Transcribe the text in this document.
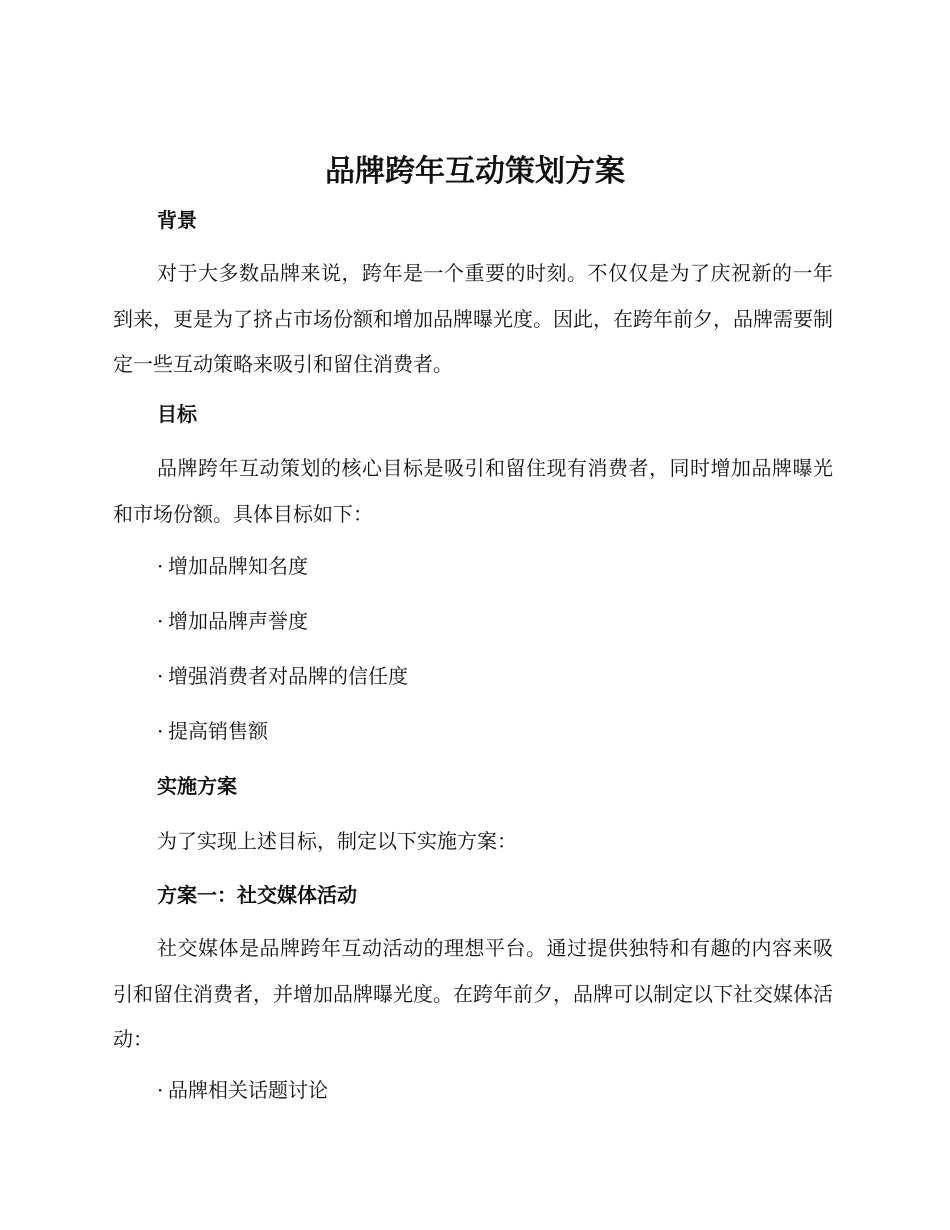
品牌跨年互动策划方案
背景

对于大多数品牌来说，跨年是一个重要的时刻。不仅仅是为了庆祝新的一年到来，更是为了挤占市场份额和增加品牌曝光度。因此，在跨年前夕，品牌需要制定一些互动策略来吸引和留住消费者。

目标

品牌跨年互动策划的核心目标是吸引和留住现有消费者，同时增加品牌曝光和市场份额。具体目标如下：

· 增加品牌知名度
· 增加品牌声誉度
· 增强消费者对品牌的信任度
· 提高销售额
实施方案

为了实现上述目标，制定以下实施方案：

方案一：社交媒体活动

社交媒体是品牌跨年互动活动的理想平台。通过提供独特和有趣的内容来吸引和留住消费者，并增加品牌曝光度。在跨年前夕，品牌可以制定以下社交媒体活动：

· 品牌相关话题讨论
